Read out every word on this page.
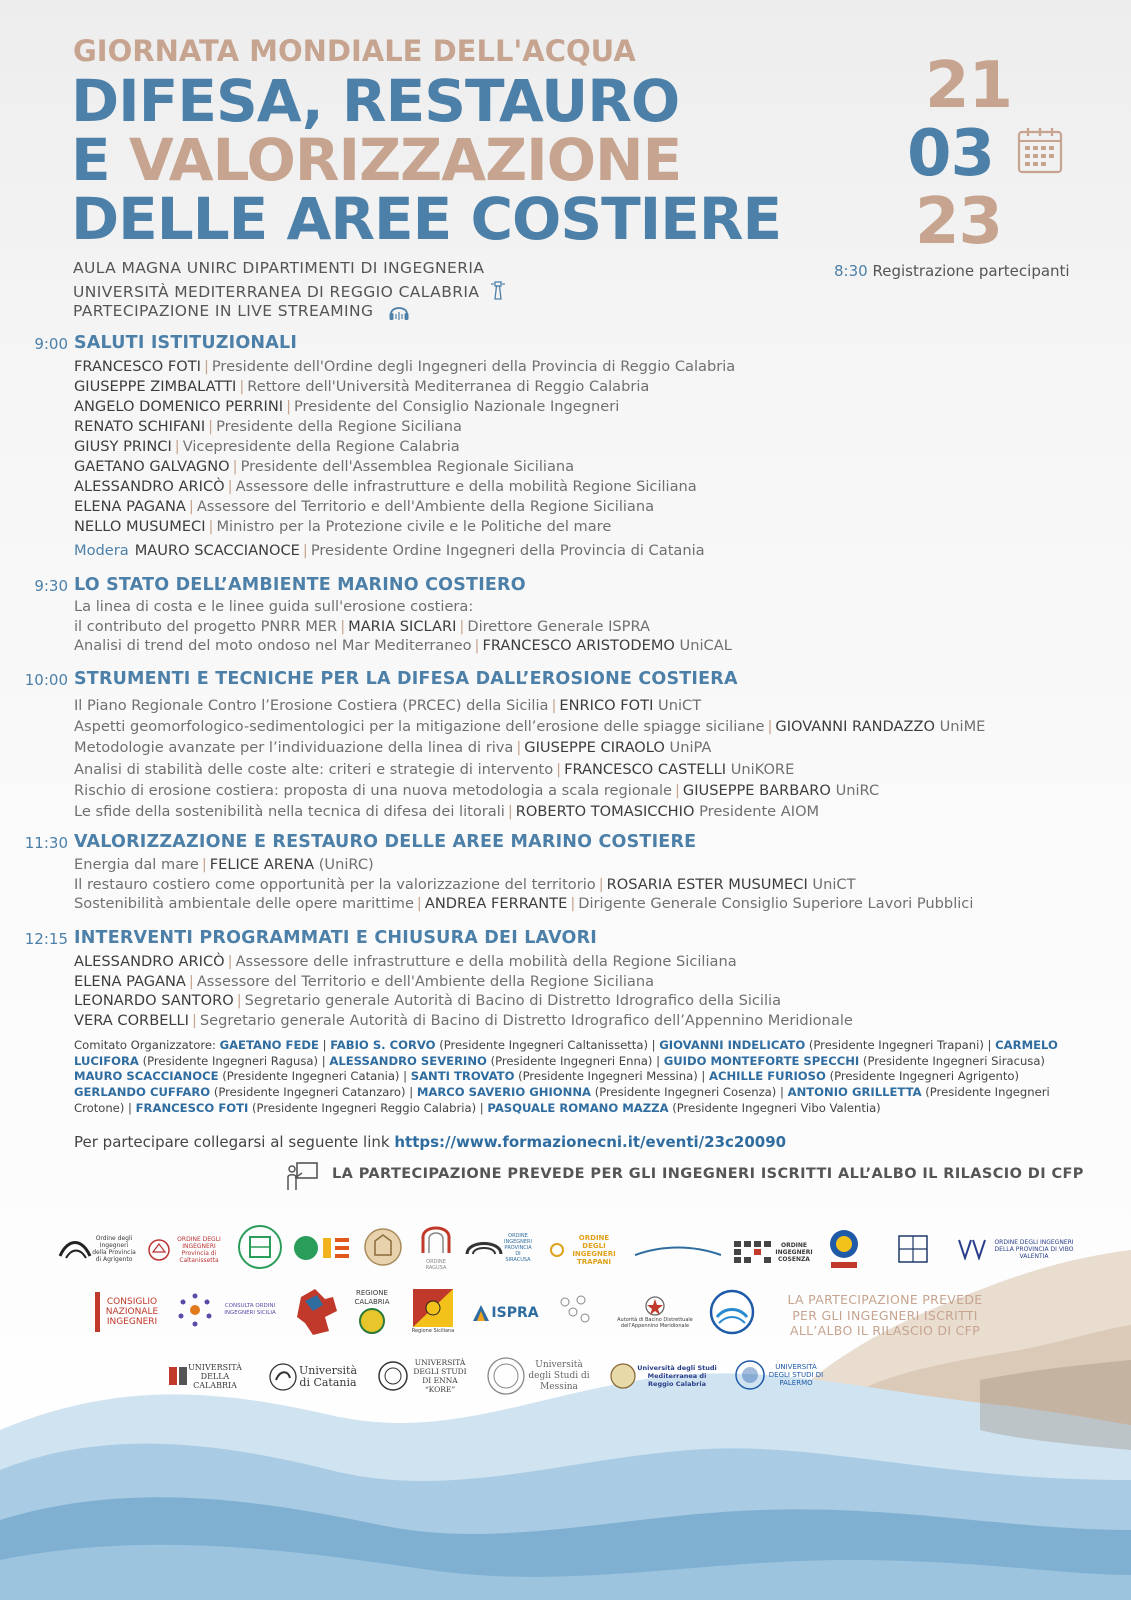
GIORNATA MONDIALE DELL'ACQUA
DIFESA, RESTAURO
E VALORIZZAZIONE
DELLE AREE COSTIERE
AULA MAGNA UNIRC DIPARTIMENTI DI INGEGNERIA
UNIVERSITÀ MEDITERRANEA DI REGGIO CALABRIA
PARTECIPAZIONE IN LIVE STREAMING
21
03
23
8:30 Registrazione partecipanti
9:00 SALUTI ISTITUZIONALI
FRANCESCO FOTI | Presidente dell'Ordine degli Ingegneri della Provincia di Reggio Calabria
GIUSEPPE ZIMBALATTI | Rettore dell'Università Mediterranea di Reggio Calabria
ANGELO DOMENICO PERRINI | Presidente del Consiglio Nazionale Ingegneri
RENATO SCHIFANI | Presidente della Regione Siciliana
GIUSY PRINCI | Vicepresidente della Regione Calabria
GAETANO GALVAGNO | Presidente dell'Assemblea Regionale Siciliana
ALESSANDRO ARICÒ | Assessore delle infrastrutture e della mobilità Regione Siciliana
ELENA PAGANA | Assessore del Territorio e dell'Ambiente della Regione Siciliana
NELLO MUSUMECI | Ministro per la Protezione civile e le Politiche del mare
Modera MAURO SCACCIANOCE | Presidente Ordine Ingegneri della Provincia di Catania
9:30 LO STATO DELL’AMBIENTE MARINO COSTIERO
La linea di costa e le linee guida sull'erosione costiera:
il contributo del progetto PNRR MER | MARIA SICLARI | Direttore Generale ISPRA
Analisi di trend del moto ondoso nel Mar Mediterraneo | FRANCESCO ARISTODEMO UniCAL
10:00 STRUMENTI E TECNICHE PER LA DIFESA DALL’EROSIONE COSTIERA
Il Piano Regionale Contro l’Erosione Costiera (PRCEC) della Sicilia | ENRICO FOTI UniCT
Aspetti geomorfologico-sedimentologici per la mitigazione dell’erosione delle spiagge siciliane | GIOVANNI RANDAZZO UniME
Metodologie avanzate per l’individuazione della linea di riva | GIUSEPPE CIRAOLO UniPA
Analisi di stabilità delle coste alte: criteri e strategie di intervento | FRANCESCO CASTELLI UniKORE
Rischio di erosione costiera: proposta di una nuova metodologia a scala regionale | GIUSEPPE BARBARO UniRC
Le sfide della sostenibilità nella tecnica di difesa dei litorali | ROBERTO TOMASICCHIO Presidente AIOM
11:30 VALORIZZAZIONE E RESTAURO DELLE AREE MARINO COSTIERE
Energia dal mare | FELICE ARENA (UniRC)
Il restauro costiero come opportunità per la valorizzazione del territorio | ROSARIA ESTER MUSUMECI UniCT
Sostenibilità ambientale delle opere marittime | ANDREA FERRANTE | Dirigente Generale Consiglio Superiore Lavori Pubblici
12:15 INTERVENTI PROGRAMMATI E CHIUSURA DEI LAVORI
ALESSANDRO ARICÒ | Assessore delle infrastrutture e della mobilità della Regione Siciliana
ELENA PAGANA | Assessore del Territorio e dell'Ambiente della Regione Siciliana
LEONARDO SANTORO | Segretario generale Autorità di Bacino di Distretto Idrografico della Sicilia
VERA CORBELLI | Segretario generale Autorità di Bacino di Distretto Idrografico dell’Appennino Meridionale
Comitato Organizzatore: GAETANO FEDE | FABIO S. CORVO (Presidente Ingegneri Caltanissetta) | GIOVANNI INDELICATO (Presidente Ingegneri Trapani) | CARMELO LUCIFORA (Presidente Ingegneri Ragusa) | ALESSANDRO SEVERINO (Presidente Ingegneri Enna) | GUIDO MONTEFORTE SPECCHI (Presidente Ingegneri Siracusa) MAURO SCACCIANOCE (Presidente Ingegneri Catania) | SANTI TROVATO (Presidente Ingegneri Messina) | ACHILLE FURIOSO (Presidente Ingegneri Agrigento) GERLANDO CUFFARO (Presidente Ingegneri Catanzaro) | MARCO SAVERIO GHIONNA (Presidente Ingegneri Cosenza) | ANTONIO GRILLETTA (Presidente Ingegneri Crotone) | FRANCESCO FOTI (Presidente Ingegneri Reggio Calabria) | PASQUALE ROMANO MAZZA (Presidente Ingegneri Vibo Valentia)
Per partecipare collegarsi al seguente link https://www.formazionecni.it/eventi/23c20090
LA PARTECIPAZIONE PREVEDE PER GLI INGEGNERI ISCRITTI ALL’ALBO IL RILASCIO DI CFP
Ordine degli Ingegneri della Provincia di Agrigento
ORDINE DEGLI INGEGNERI Provincia di Caltanissetta	ORDINE
RAGUSA
ORDINE INGEGNERI PROVINCIA DI SIRACUSA
ORDINE DEGLI INGEGNERI TRAPANI
ORDINE INGEGNERI COSENZA
ORDINE DEGLI INGEGNERI DELLA PROVINCIA DI VIBO VALENTIA
CONSIGLIO NAZIONALE INGEGNERI
CONSULTA ORDINI INGEGNERI SICILIA
REGIONE CALABRIA
Regione Siciliana
ISPRA	Autorità di Bacino Distrettuale dell’Appennino Meridionale
LA PARTECIPAZIONE PREVEDE
PER GLI INGEGNERI ISCRITTI
ALL’ALBO IL RILASCIO DI CFP
UNIVERSITÀ DELLA CALABRIA
Università di Catania
UNIVERSITÀ DEGLI STUDI DI ENNA “KORE”
Università degli Studi di Messina
Università degli Studi Mediterranea di Reggio Calabria
UNIVERSITÀ DEGLI STUDI DI PALERMO
